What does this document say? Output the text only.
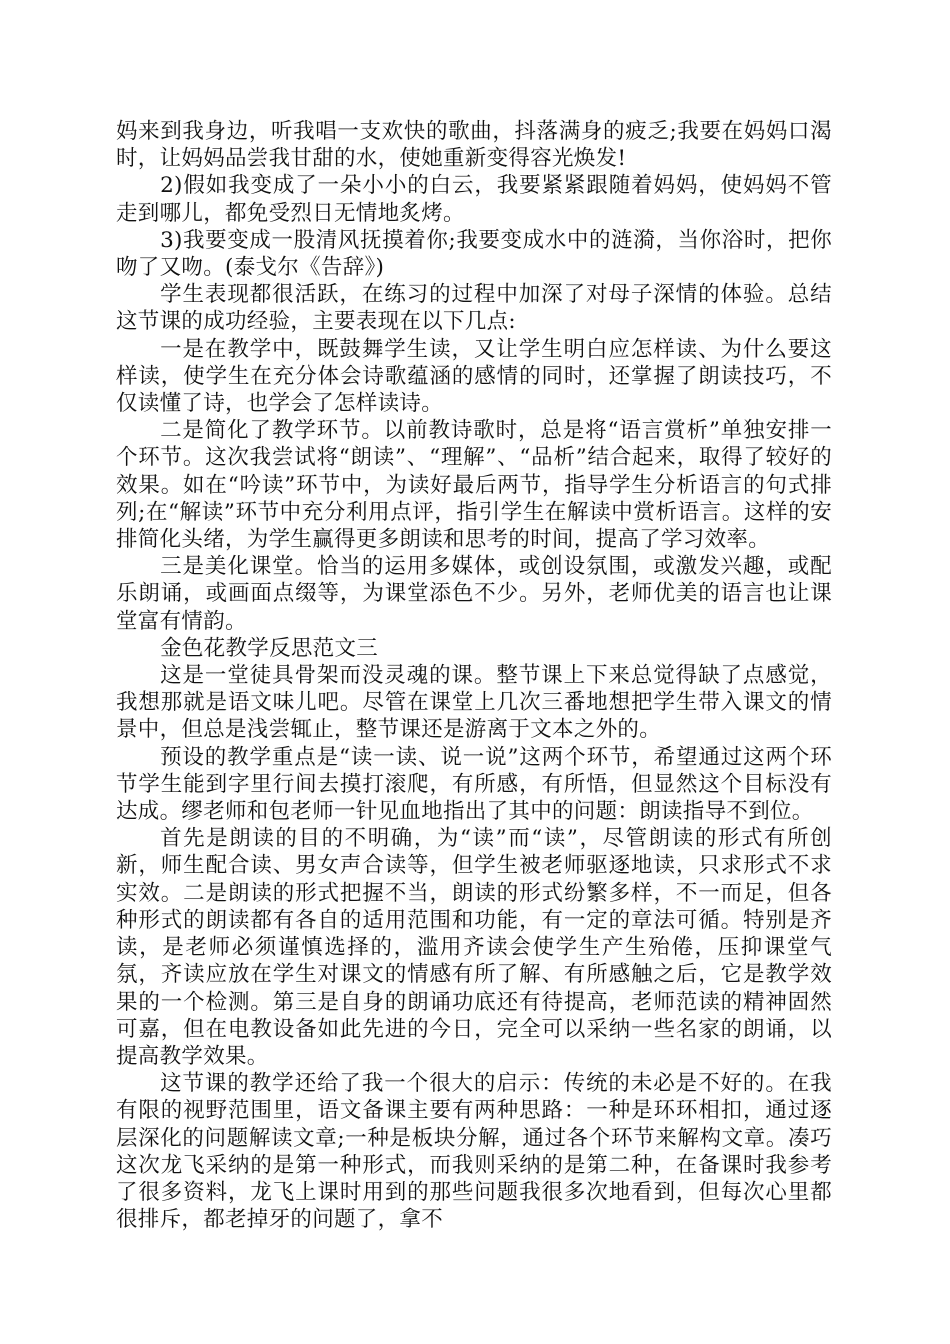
妈来到我身边，听我唱一支欢快的歌曲，抖落满身的疲乏;我要在妈妈口渴时，让妈妈品尝我甘甜的水，使她重新变得容光焕发!

2)假如我变成了一朵小小的白云，我要紧紧跟随着妈妈，使妈妈不管走到哪儿，都免受烈日无情地炙烤。

3)我要变成一股清风抚摸着你;我要变成水中的涟漪，当你浴时，把你吻了又吻。(泰戈尔《告辞》)

学生表现都很活跃，在练习的过程中加深了对母子深情的体验。总结这节课的成功经验，主要表现在以下几点:

一是在教学中，既鼓舞学生读，又让学生明白应怎样读、为什么要这样读，使学生在充分体会诗歌蕴涵的感情的同时，还掌握了朗读技巧，不仅读懂了诗，也学会了怎样读诗。

二是简化了教学环节。以前教诗歌时，总是将“语言赏析”单独安排一个环节。这次我尝试将“朗读”、“理解”、“品析”结合起来，取得了较好的效果。如在“吟读”环节中，为读好最后两节，指导学生分析语言的句式排列;在“解读”环节中充分利用点评，指引学生在解读中赏析语言。这样的安排简化头绪，为学生赢得更多朗读和思考的时间，提高了学习效率。

三是美化课堂。恰当的运用多媒体，或创设氛围，或激发兴趣，或配乐朗诵，或画面点缀等，为课堂添色不少。另外，老师优美的语言也让课堂富有情韵。

金色花教学反思范文三

这是一堂徒具骨架而没灵魂的课。整节课上下来总觉得缺了点感觉，我想那就是语文味儿吧。尽管在课堂上几次三番地想把学生带入课文的情景中，但总是浅尝辄止，整节课还是游离于文本之外的。

预设的教学重点是“读一读、说一说”这两个环节，希望通过这两个环节学生能到字里行间去摸打滚爬，有所感，有所悟，但显然这个目标没有达成。缪老师和包老师一针见血地指出了其中的问题：朗读指导不到位。

首先是朗读的目的不明确，为“读”而“读”，尽管朗读的形式有所创新，师生配合读、男女声合读等，但学生被老师驱逐地读，只求形式不求实效。二是朗读的形式把握不当，朗读的形式纷繁多样，不一而足，但各种形式的朗读都有各自的适用范围和功能，有一定的章法可循。特别是齐读，是老师必须谨慎选择的，滥用齐读会使学生产生殆倦，压抑课堂气氛，齐读应放在学生对课文的情感有所了解、有所感触之后，它是教学效果的一个检测。第三是自身的朗诵功底还有待提高，老师范读的精神固然可嘉，但在电教设备如此先进的今日，完全可以采纳一些名家的朗诵，以提高教学效果。

这节课的教学还给了我一个很大的启示：传统的未必是不好的。在我有限的视野范围里，语文备课主要有两种思路：一种是环环相扣，通过逐层深化的问题解读文章;一种是板块分解，通过各个环节来解构文章。凑巧这次龙飞采纳的是第一种形式，而我则采纳的是第二种，在备课时我参考了很多资料，龙飞上课时用到的那些问题我很多次地看到，但每次心里都很排斥，都老掉牙的问题了，拿不
